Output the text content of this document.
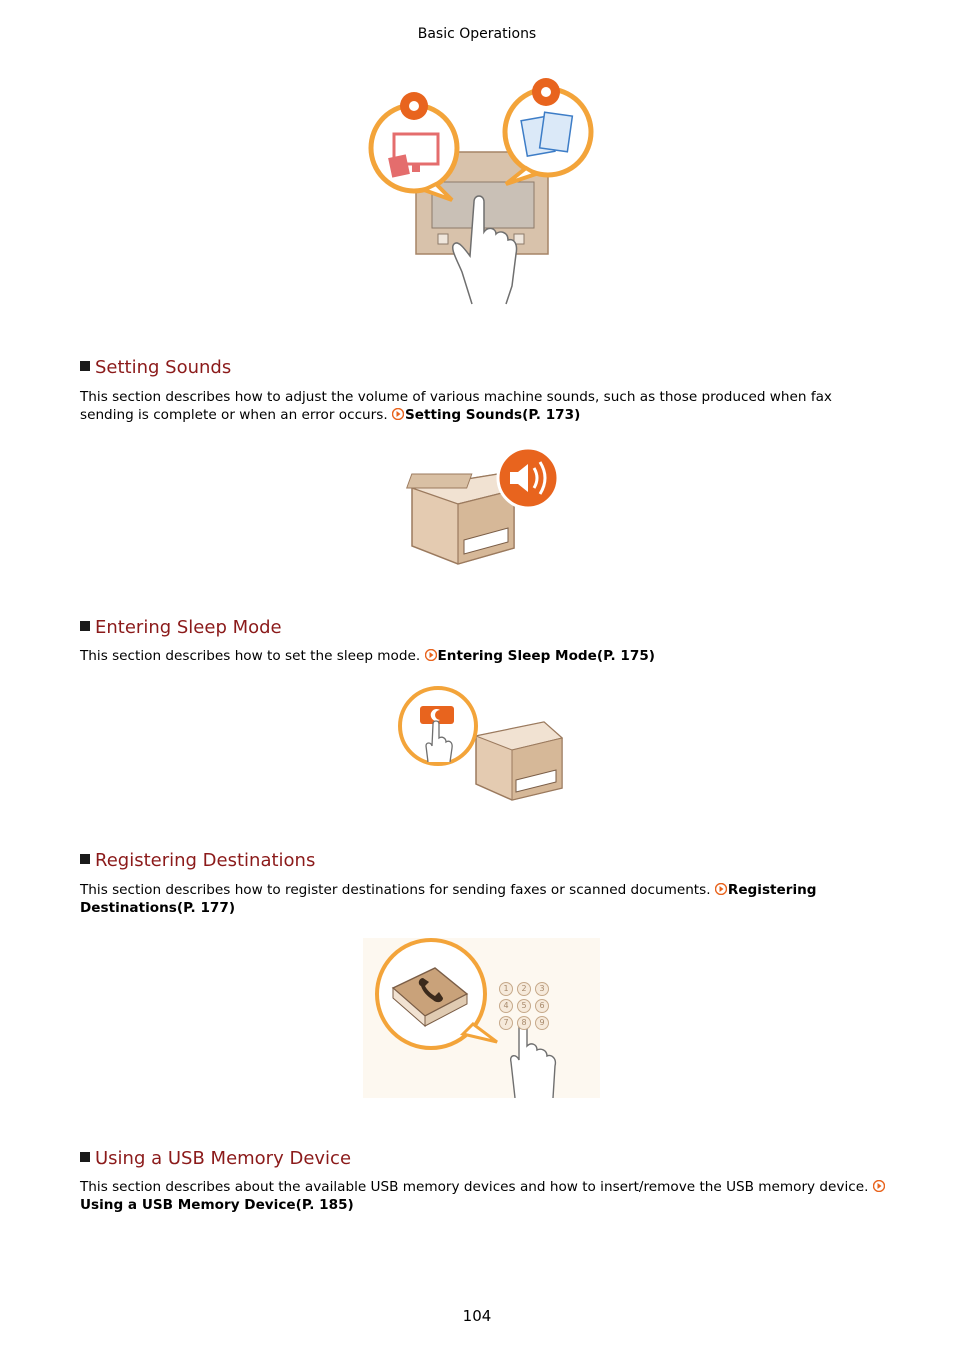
Basic Operations
Setting Sounds
This section describes how to adjust the volume of various machine sounds, such as those produced when fax sending is complete or when an error occurs. Setting Sounds(P. 173)
Entering Sleep Mode
This section describes how to set the sleep mode. Entering Sleep Mode(P. 175)
Registering Destinations
This section describes how to register destinations for sending faxes or scanned documents. Registering Destinations(P. 177)
1	2	3
4	5	6
7	8	9
Using a USB Memory Device
This section describes about the available USB memory devices and how to insert/remove the USB memory device. Using a USB Memory Device(P. 185)
104
